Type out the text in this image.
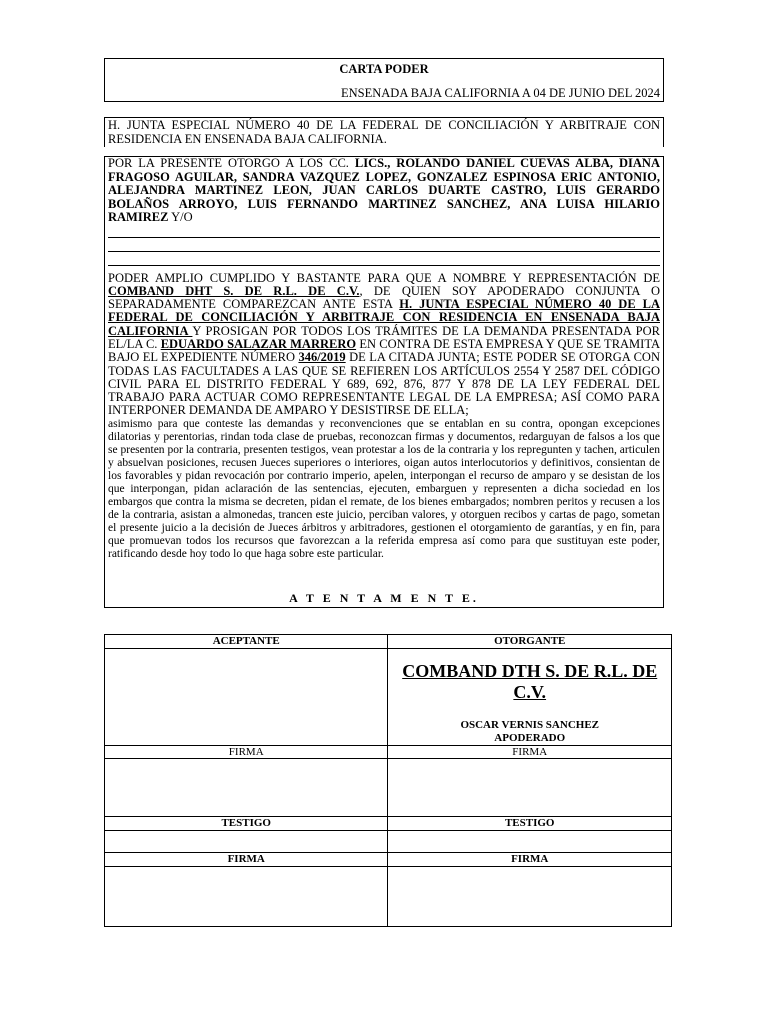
CARTA PODER
ENSENADA BAJA CALIFORNIA A 04 DE JUNIO DEL 2024

H. JUNTA ESPECIAL NÚMERO 40 DE LA FEDERAL DE CONCILIACIÓN Y ARBITRAJE CON RESIDENCIA EN ENSENADA BAJA CALIFORNIA.

POR LA PRESENTE OTORGO A LOS CC. LICS., ROLANDO DANIEL CUEVAS ALBA, DIANA FRAGOSO AGUILAR, SANDRA VAZQUEZ LOPEZ, GONZALEZ ESPINOSA ERIC ANTONIO, ALEJANDRA MARTINEZ LEON, JUAN CARLOS DUARTE CASTRO, LUIS GERARDO BOLAÑOS ARROYO, LUIS FERNANDO MARTINEZ SANCHEZ, ANA LUISA HILARIO RAMIREZ Y/O

PODER AMPLIO CUMPLIDO Y BASTANTE PARA QUE A NOMBRE Y REPRESENTACIÓN DE COMBAND DHT S. DE R.L. DE C.V., DE QUIEN SOY APODERADO CONJUNTA O SEPARADAMENTE COMPAREZCAN ANTE ESTA H. JUNTA ESPECIAL NÚMERO 40 DE LA FEDERAL DE CONCILIACIÓN Y ARBITRAJE CON RESIDENCIA EN ENSENADA BAJA CALIFORNIA Y PROSIGAN POR TODOS LOS TRÁMITES DE LA DEMANDA PRESENTADA POR EL/LA C. EDUARDO SALAZAR MARRERO EN CONTRA DE ESTA EMPRESA Y QUE SE TRAMITA BAJO EL EXPEDIENTE NÚMERO 346/2019 DE LA CITADA JUNTA; ESTE PODER SE OTORGA CON TODAS LAS FACULTADES A LAS QUE SE REFIEREN LOS ARTÍCULOS 2554 Y 2587 DEL CÓDIGO CIVIL PARA EL DISTRITO FEDERAL Y 689, 692, 876, 877 Y 878 DE LA LEY FEDERAL DEL TRABAJO PARA ACTUAR COMO REPRESENTANTE LEGAL DE LA EMPRESA; ASÍ COMO PARA INTERPONER DEMANDA DE AMPARO Y DESISTIRSE DE ELLA;

asimismo para que conteste las demandas y reconvenciones que se entablan en su contra, opongan excepciones dilatorias y perentorias, rindan toda clase de pruebas, reconozcan firmas y documentos, redarguyan de falsos a los que se presenten por la contraria, presenten testigos, vean protestar a los de la contraria y los repregunten y tachen, articulen y absuelvan posiciones, recusen Jueces superiores o interiores, oigan autos interlocutorios y definitivos, consientan de los favorables y pidan revocación por contrario imperio, apelen, interpongan el recurso de amparo y se desistan de los que interpongan, pidan aclaración de las sentencias, ejecuten, embarguen y representen a dicha sociedad en los embargos que contra la misma se decreten, pidan el remate, de los bienes embargados; nombren peritos y recusen a los de la contraria, asistan a almonedas, trancen este juicio, perciban valores, y otorguen recibos y cartas de pago, sometan el presente juicio a la decisión de Jueces árbitros y arbitradores, gestionen el otorgamiento de garantías, y en fin, para que promuevan todos los recursos que favorezcan a la referida empresa así como para que sustituyan este poder, ratificando desde hoy todo lo que haga sobre este particular.

A T E N T A M E N T E.
ACEPTANTE	OTORGANTE

	COMBAND DTH S. DE R.L. DE C.V.
OSCAR VERNIS SANCHEZ
APODERADO

FIRMA	FIRMA

TESTIGO	TESTIGO

FIRMA	FIRMA
